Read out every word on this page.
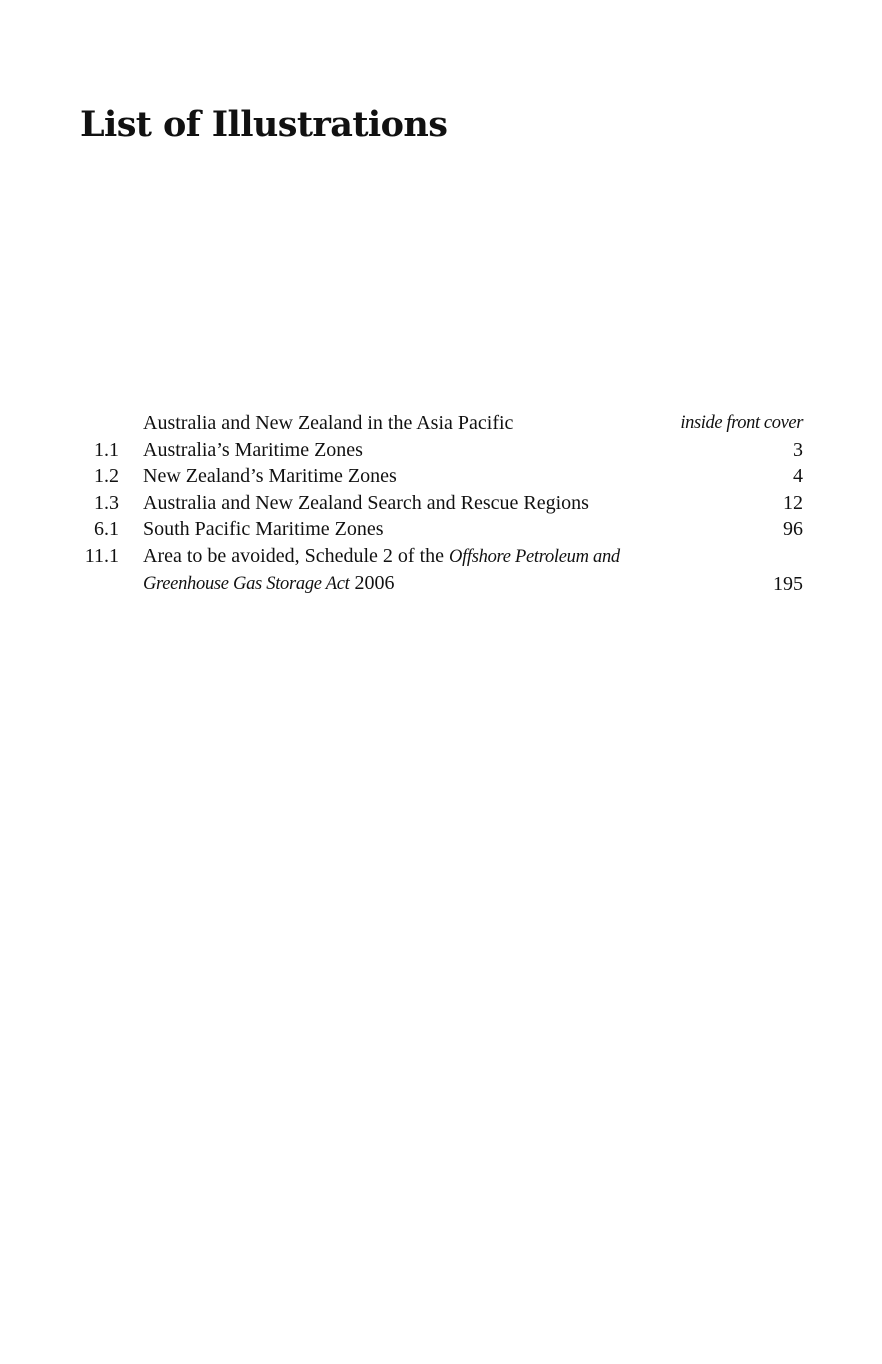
List of Illustrations
Australia and New Zealand in the Asia Pacific	inside front cover
1.1 Australia’s Maritime Zones	3
1.2 New Zealand’s Maritime Zones	4
1.3 Australia and New Zealand Search and Rescue Regions	12
6.1 South Pacific Maritime Zones	96
11.1 Area to be avoided, Schedule 2 of the Offshore Petroleum and Greenhouse Gas Storage Act 2006	195
